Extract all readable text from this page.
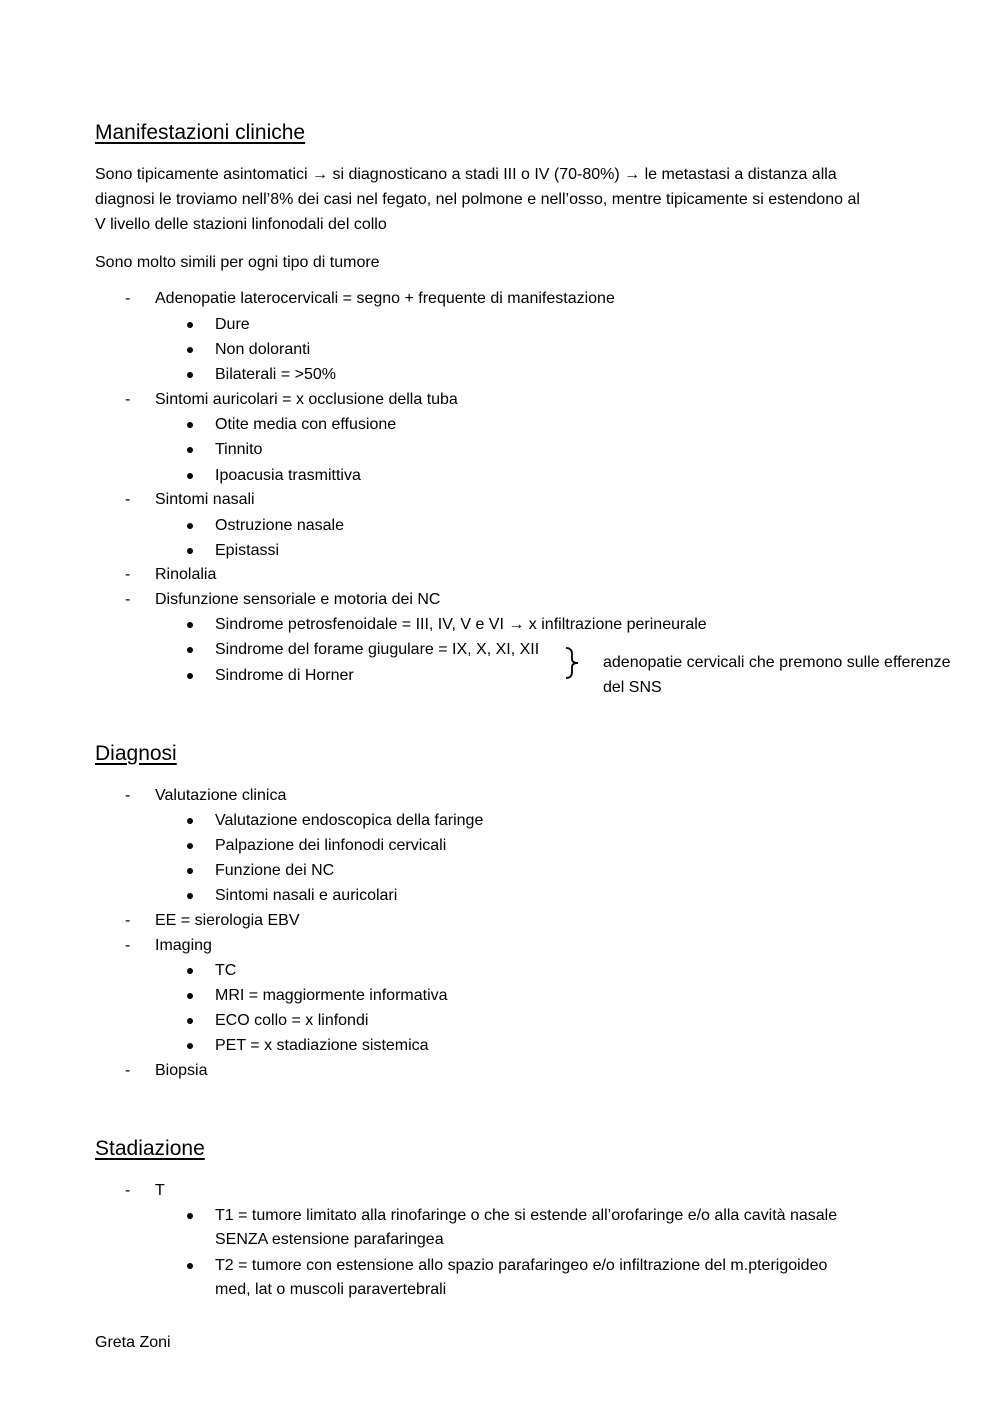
Manifestazioni cliniche
Sono tipicamente asintomatici → si diagnosticano a stadi III o IV (70-80%) → le metastasi a distanza alla
diagnosi le troviamo nell’8% dei casi nel fegato, nel polmone e nell’osso, mentre tipicamente si estendono al
V livello delle stazioni linfonodali del collo
Sono molto simili per ogni tipo di tumore
- Adenopatie laterocervicali = segno + frequente di manifestazione
Dure
Non doloranti
Bilaterali = >50%
- Sintomi auricolari = x occlusione della tuba
Otite media con effusione
Tinnito
Ipoacusia trasmittiva
- Sintomi nasali
Ostruzione nasale
Epistassi
- Rinolalia
- Disfunzione sensoriale e motoria dei NC
Sindrome petrosfenoidale = III, IV, V e VI → x infiltrazione perineurale
Sindrome del forame giugulare = IX, X, XI, XII
Sindrome di Horner
adenopatie cervicali che premono sulle efferenze
del SNS
Diagnosi
- Valutazione clinica
Valutazione endoscopica della faringe
Palpazione dei linfonodi cervicali
Funzione dei NC
Sintomi nasali e auricolari
- EE = sierologia EBV
- Imaging
TC
MRI = maggiormente informativa
ECO collo = x linfondi
PET = x stadiazione sistemica
- Biopsia
Stadiazione
- T
T1 = tumore limitato alla rinofaringe o che si estende all’orofaringe e/o alla cavità nasale
SENZA estensione parafaringea
T2 = tumore con estensione allo spazio parafaringeo e/o infiltrazione del m.pterigoideo
med, lat o muscoli paravertebrali
Greta Zoni
